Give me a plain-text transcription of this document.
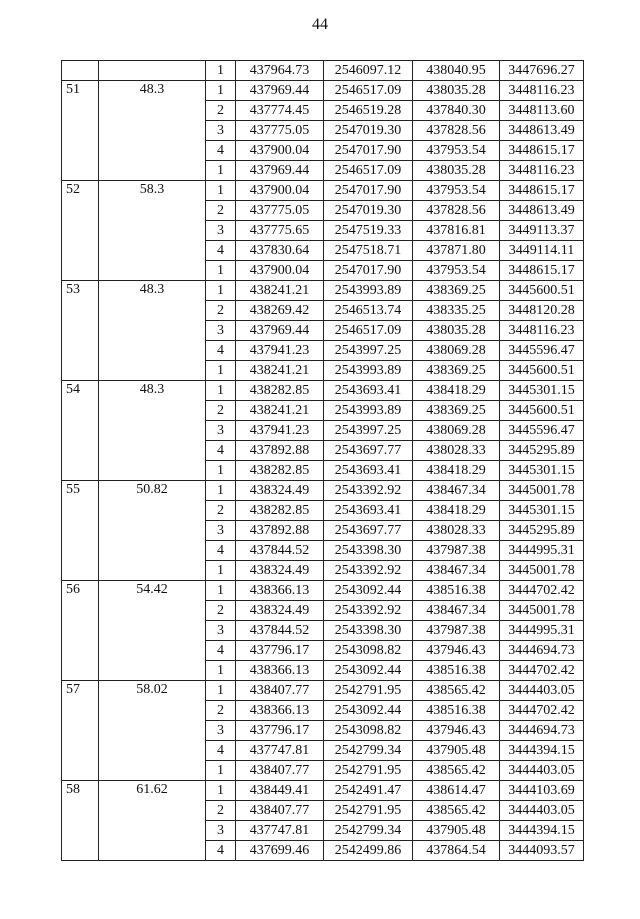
44
		1	437964.73	2546097.12	438040.95	3447696.27
51	48.3	1	437969.44	2546517.09	438035.28	3448116.23
		2	437774.45	2546519.28	437840.30	3448113.60
		3	437775.05	2547019.30	437828.56	3448613.49
		4	437900.04	2547017.90	437953.54	3448615.17
		1	437969.44	2546517.09	438035.28	3448116.23
52	58.3	1	437900.04	2547017.90	437953.54	3448615.17
		2	437775.05	2547019.30	437828.56	3448613.49
		3	437775.65	2547519.33	437816.81	3449113.37
		4	437830.64	2547518.71	437871.80	3449114.11
		1	437900.04	2547017.90	437953.54	3448615.17
53	48.3	1	438241.21	2543993.89	438369.25	3445600.51
		2	438269.42	2546513.74	438335.25	3448120.28
		3	437969.44	2546517.09	438035.28	3448116.23
		4	437941.23	2543997.25	438069.28	3445596.47
		1	438241.21	2543993.89	438369.25	3445600.51
54	48.3	1	438282.85	2543693.41	438418.29	3445301.15
		2	438241.21	2543993.89	438369.25	3445600.51
		3	437941.23	2543997.25	438069.28	3445596.47
		4	437892.88	2543697.77	438028.33	3445295.89
		1	438282.85	2543693.41	438418.29	3445301.15
55	50.82	1	438324.49	2543392.92	438467.34	3445001.78
		2	438282.85	2543693.41	438418.29	3445301.15
		3	437892.88	2543697.77	438028.33	3445295.89
		4	437844.52	2543398.30	437987.38	3444995.31
		1	438324.49	2543392.92	438467.34	3445001.78
56	54.42	1	438366.13	2543092.44	438516.38	3444702.42
		2	438324.49	2543392.92	438467.34	3445001.78
		3	437844.52	2543398.30	437987.38	3444995.31
		4	437796.17	2543098.82	437946.43	3444694.73
		1	438366.13	2543092.44	438516.38	3444702.42
57	58.02	1	438407.77	2542791.95	438565.42	3444403.05
		2	438366.13	2543092.44	438516.38	3444702.42
		3	437796.17	2543098.82	437946.43	3444694.73
		4	437747.81	2542799.34	437905.48	3444394.15
		1	438407.77	2542791.95	438565.42	3444403.05
58	61.62	1	438449.41	2542491.47	438614.47	3444103.69
		2	438407.77	2542791.95	438565.42	3444403.05
		3	437747.81	2542799.34	437905.48	3444394.15
		4	437699.46	2542499.86	437864.54	3444093.57
